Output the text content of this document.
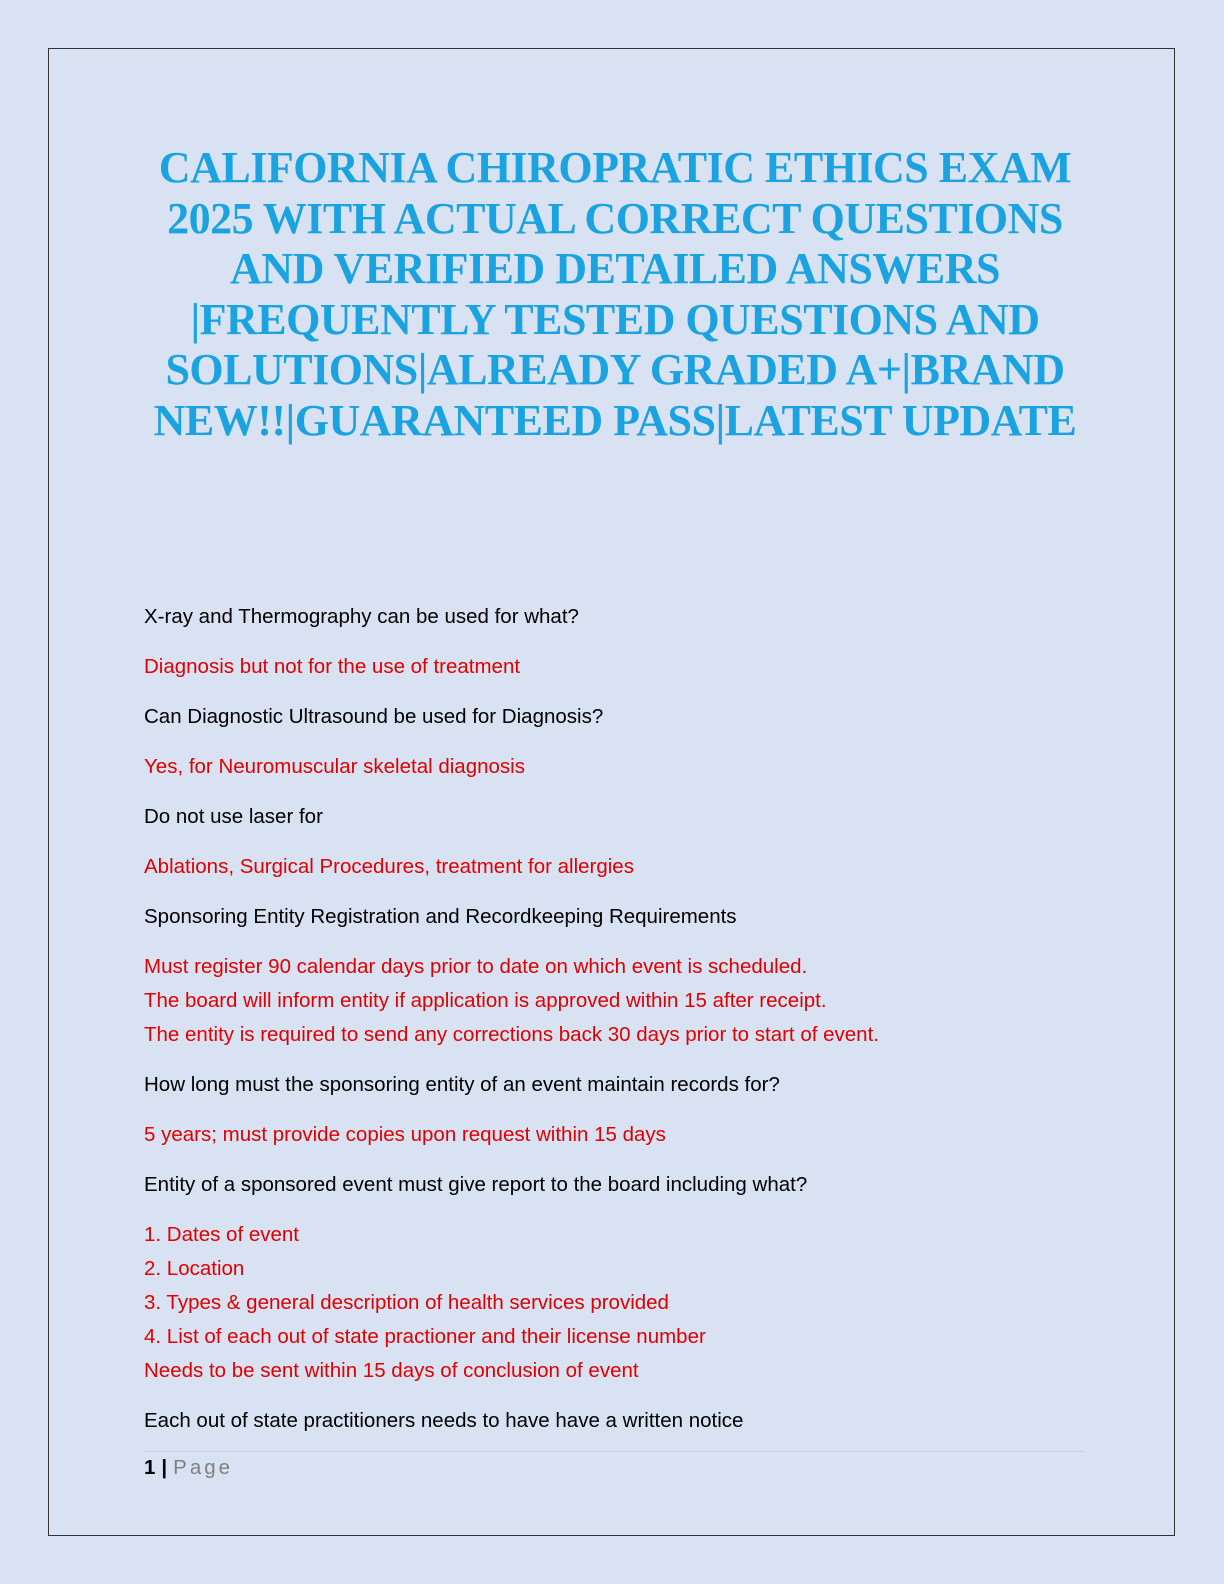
CALIFORNIA CHIROPRATIC ETHICS EXAM 2025 WITH ACTUAL CORRECT QUESTIONS AND VERIFIED DETAILED ANSWERS |FREQUENTLY TESTED QUESTIONS AND SOLUTIONS|ALREADY GRADED A+|BRAND NEW!!|GUARANTEED PASS|LATEST UPDATE
X-ray and Thermography can be used for what?
Diagnosis but not for the use of treatment
Can Diagnostic Ultrasound be used for Diagnosis?
Yes, for Neuromuscular skeletal diagnosis
Do not use laser for
Ablations, Surgical Procedures, treatment for allergies
Sponsoring Entity Registration and Recordkeeping Requirements
Must register 90 calendar days prior to date on which event is scheduled.
The board will inform entity if application is approved within 15 after receipt.
The entity is required to send any corrections back 30 days prior to start of event.
How long must the sponsoring entity of an event maintain records for?
5 years; must provide copies upon request within 15 days
Entity of a sponsored event must give report to the board including what?
1. Dates of event
2. Location
3. Types & general description of health services provided
4. List of each out of state practioner and their license number
Needs to be sent within 15 days of conclusion of event
Each out of state practitioners needs to have have a written notice
1 | Page
